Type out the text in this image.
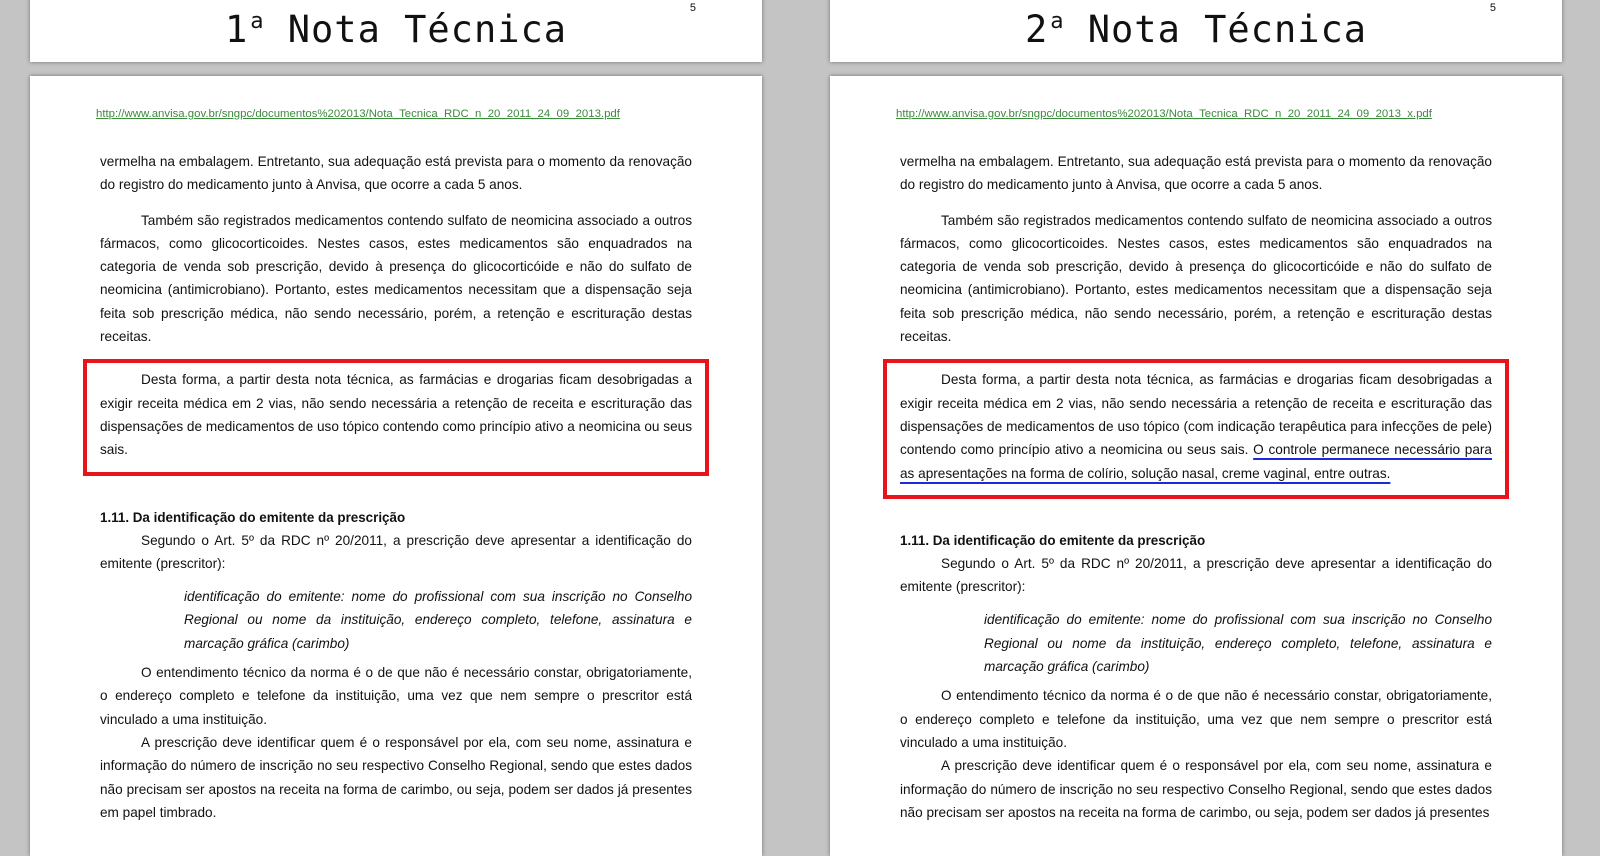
1$^a$ Nota Técnica	5
http://www.anvisa.gov.br/sngpc/documentos%202013/Nota_Tecnica_RDC_n_20_2011_24_09_2013.pdf

vermelha na embalagem. Entretanto, sua adequação está prevista para o momento da renovação do registro do medicamento junto à Anvisa, que ocorre a cada 5 anos.

Também são registrados medicamentos contendo sulfato de neomicina associado a outros fármacos, como glicocorticoides. Nestes casos, estes medicamentos são enquadrados na categoria de venda sob prescrição, devido à presença do glicocorticóide e não do sulfato de neomicina (antimicrobiano). Portanto, estes medicamentos necessitam que a dispensação seja feita sob prescrição médica, não sendo necessário, porém, a retenção e escrituração destas receitas.

Desta forma, a partir desta nota técnica, as farmácias e drogarias ficam desobrigadas a exigir receita médica em 2 vias, não sendo necessária a retenção de receita e escrituração das dispensações de medicamentos de uso tópico contendo como princípio ativo a neomicina ou seus sais.

1.11. Da identificação do emitente da prescrição

Segundo o Art. 5º da RDC nº 20/2011, a prescrição deve apresentar a identificação do emitente (prescritor):

identificação do emitente: nome do profissional com sua inscrição no Conselho Regional ou nome da instituição, endereço completo, telefone, assinatura e marcação gráfica (carimbo)

O entendimento técnico da norma é o de que não é necessário constar, obrigatoriamente, o endereço completo e telefone da instituição, uma vez que nem sempre o prescritor está vinculado a uma instituição.

A prescrição deve identificar quem é o responsável por ela, com seu nome, assinatura e informação do número de inscrição no seu respectivo Conselho Regional, sendo que estes dados não precisam ser apostos na receita na forma de carimbo, ou seja, podem ser dados já presentes em papel timbrado.

2$^a$ Nota Técnica	5
http://www.anvisa.gov.br/sngpc/documentos%202013/Nota_Tecnica_RDC_n_20_2011_24_09_2013_x.pdf

vermelha na embalagem. Entretanto, sua adequação está prevista para o momento da renovação do registro do medicamento junto à Anvisa, que ocorre a cada 5 anos.

Também são registrados medicamentos contendo sulfato de neomicina associado a outros fármacos, como glicocorticoides. Nestes casos, estes medicamentos são enquadrados na categoria de venda sob prescrição, devido à presença do glicocorticóide e não do sulfato de neomicina (antimicrobiano). Portanto, estes medicamentos necessitam que a dispensação seja feita sob prescrição médica, não sendo necessário, porém, a retenção e escrituração destas receitas.

Desta forma, a partir desta nota técnica, as farmácias e drogarias ficam desobrigadas a exigir receita médica em 2 vias, não sendo necessária a retenção de receita e escrituração das dispensações de medicamentos de uso tópico (com indicação terapêutica para infecções de pele) contendo como princípio ativo a neomicina ou seus sais. O controle permanece necessário para as apresentações na forma de colírio, solução nasal, creme vaginal, entre outras.

1.11. Da identificação do emitente da prescrição

Segundo o Art. 5º da RDC nº 20/2011, a prescrição deve apresentar a identificação do emitente (prescritor):

identificação do emitente: nome do profissional com sua inscrição no Conselho Regional ou nome da instituição, endereço completo, telefone, assinatura e marcação gráfica (carimbo)

O entendimento técnico da norma é o de que não é necessário constar, obrigatoriamente, o endereço completo e telefone da instituição, uma vez que nem sempre o prescritor está vinculado a uma instituição.

A prescrição deve identificar quem é o responsável por ela, com seu nome, assinatura e informação do número de inscrição no seu respectivo Conselho Regional, sendo que estes dados não precisam ser apostos na receita na forma de carimbo, ou seja, podem ser dados já presentes
